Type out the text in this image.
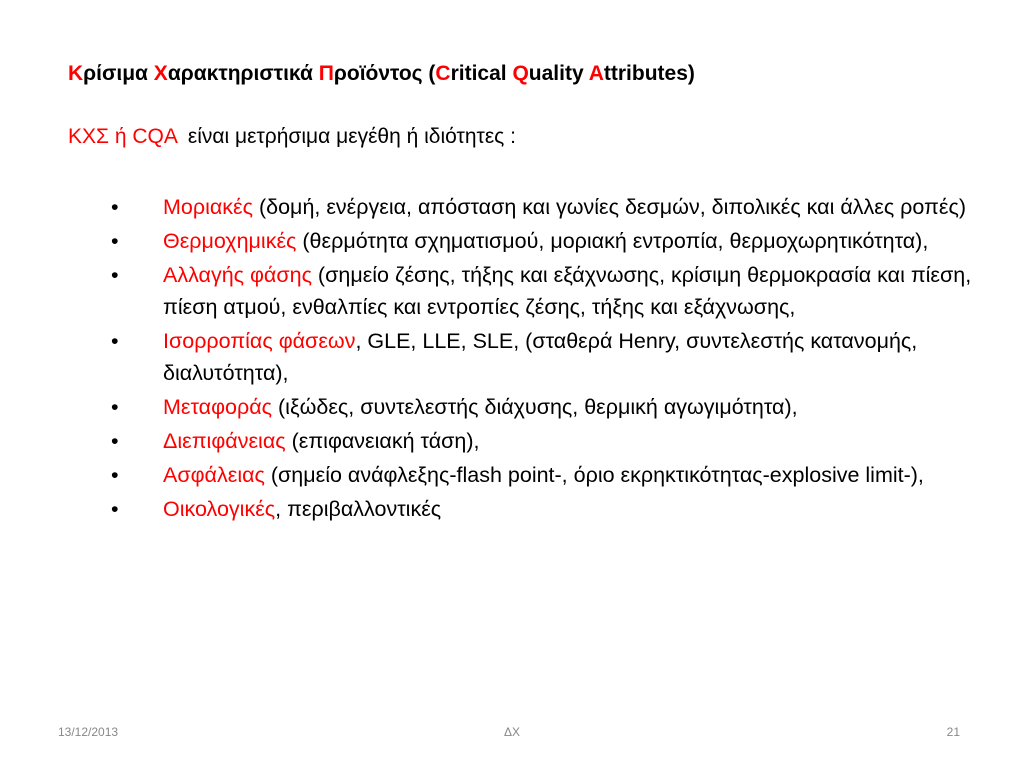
Κρίσιμα Χαρακτηριστικά Προϊόντος (Critical Quality Attributes)
ΚΧΣ ή CQA είναι μετρήσιμα μεγέθη ή ιδιότητες :
•	Μοριακές (δομή, ενέργεια, απόσταση και γωνίες δεσμών, διπολικές και άλλες ροπές)
•	Θερμοχημικές (θερμότητα σχηματισμού, μοριακή εντροπία, θερμοχωρητικότητα),
•	Αλλαγής φάσης (σημείο ζέσης, τήξης και εξάχνωσης, κρίσιμη θερμοκρασία και πίεση, πίεση ατμού, ενθαλπίες και εντροπίες ζέσης, τήξης και εξάχνωσης,
•	Ισορροπίας φάσεων, GLE, LLE, SLE, (σταθερά Henry, συντελεστής κατανομής, διαλυτότητα),
•	Μεταφοράς (ιξώδες, συντελεστής διάχυσης, θερμική αγωγιμότητα),
•	Διεπιφάνειας (επιφανειακή τάση),
•	Ασφάλειας (σημείο ανάφλεξης-flash point-, όριο εκρηκτικότητας-explosive limit-),
•	Οικολογικές, περιβαλλοντικές
13/12/2013	ΔΧ	21
